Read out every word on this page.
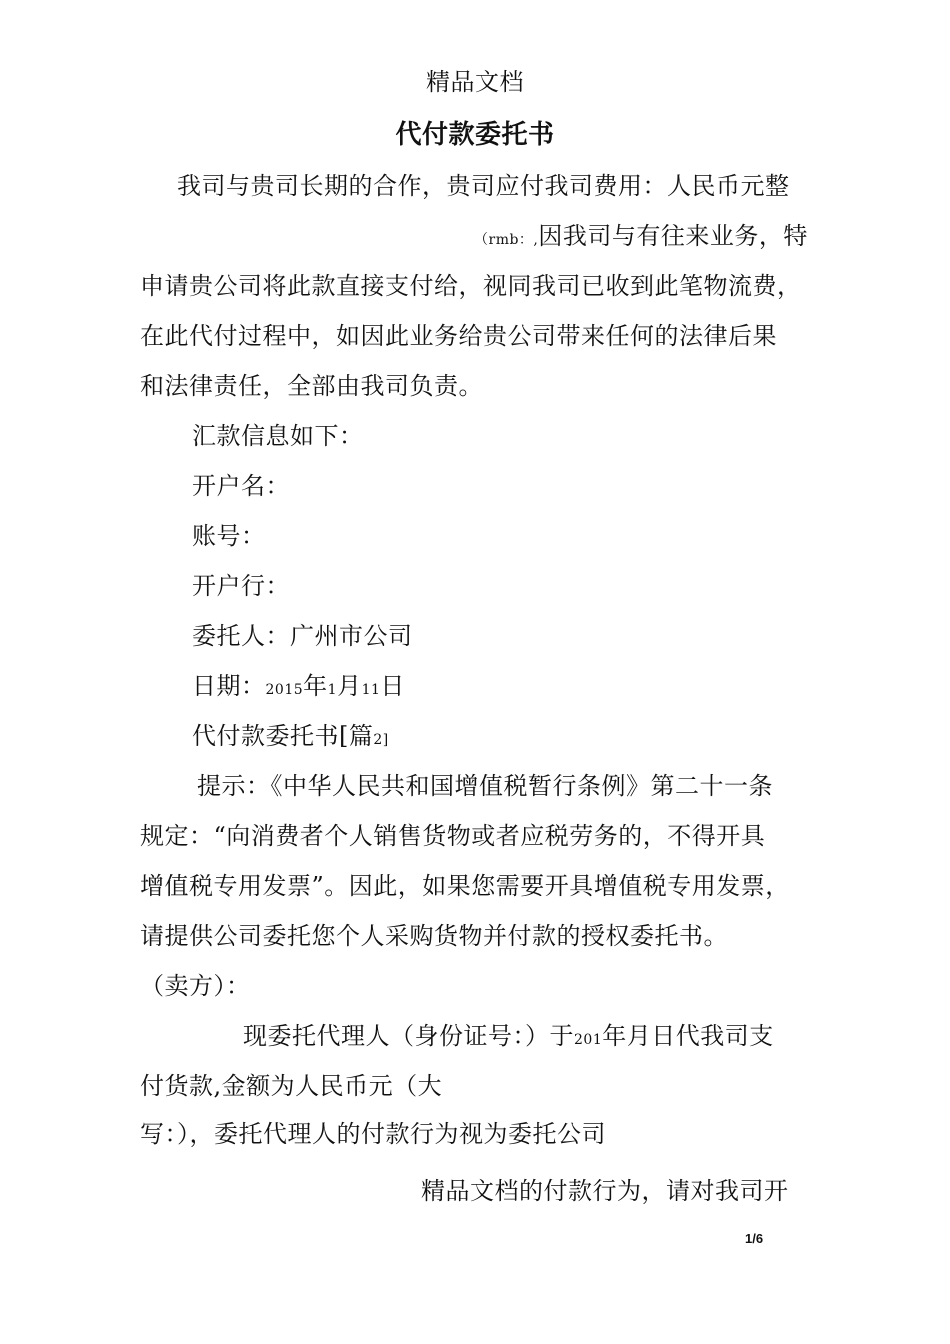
精品文档
代付款委托书
我司与贵司长期的合作，贵司应付我司费用：人民币元整
（rmb：,因我司与有往来业务，特
申请贵公司将此款直接支付给，视同我司已收到此笔物流费，
在此代付过程中，如因此业务给贵公司带来任何的法律后果
和法律责任，全部由我司负责。
汇款信息如下：
开户名：
账号：
开户行：
委托人：广州市公司
日期：2015年1月11日
代付款委托书[篇2]
提示：《中华人民共和国增值税暂行条例》第二十一条
规定：“向消费者个人销售货物或者应税劳务的，不得开具
增值税专用发票”。因此，如果您需要开具增值税专用发票，
请提供公司委托您个人采购货物并付款的授权委托书。
（卖方）：
现委托代理人（身份证号：）于201年月日代我司支
付货款,金额为人民币元（大
写：），委托代理人的付款行为视为委托公司
精品文档的付款行为，请对我司开
1/6
